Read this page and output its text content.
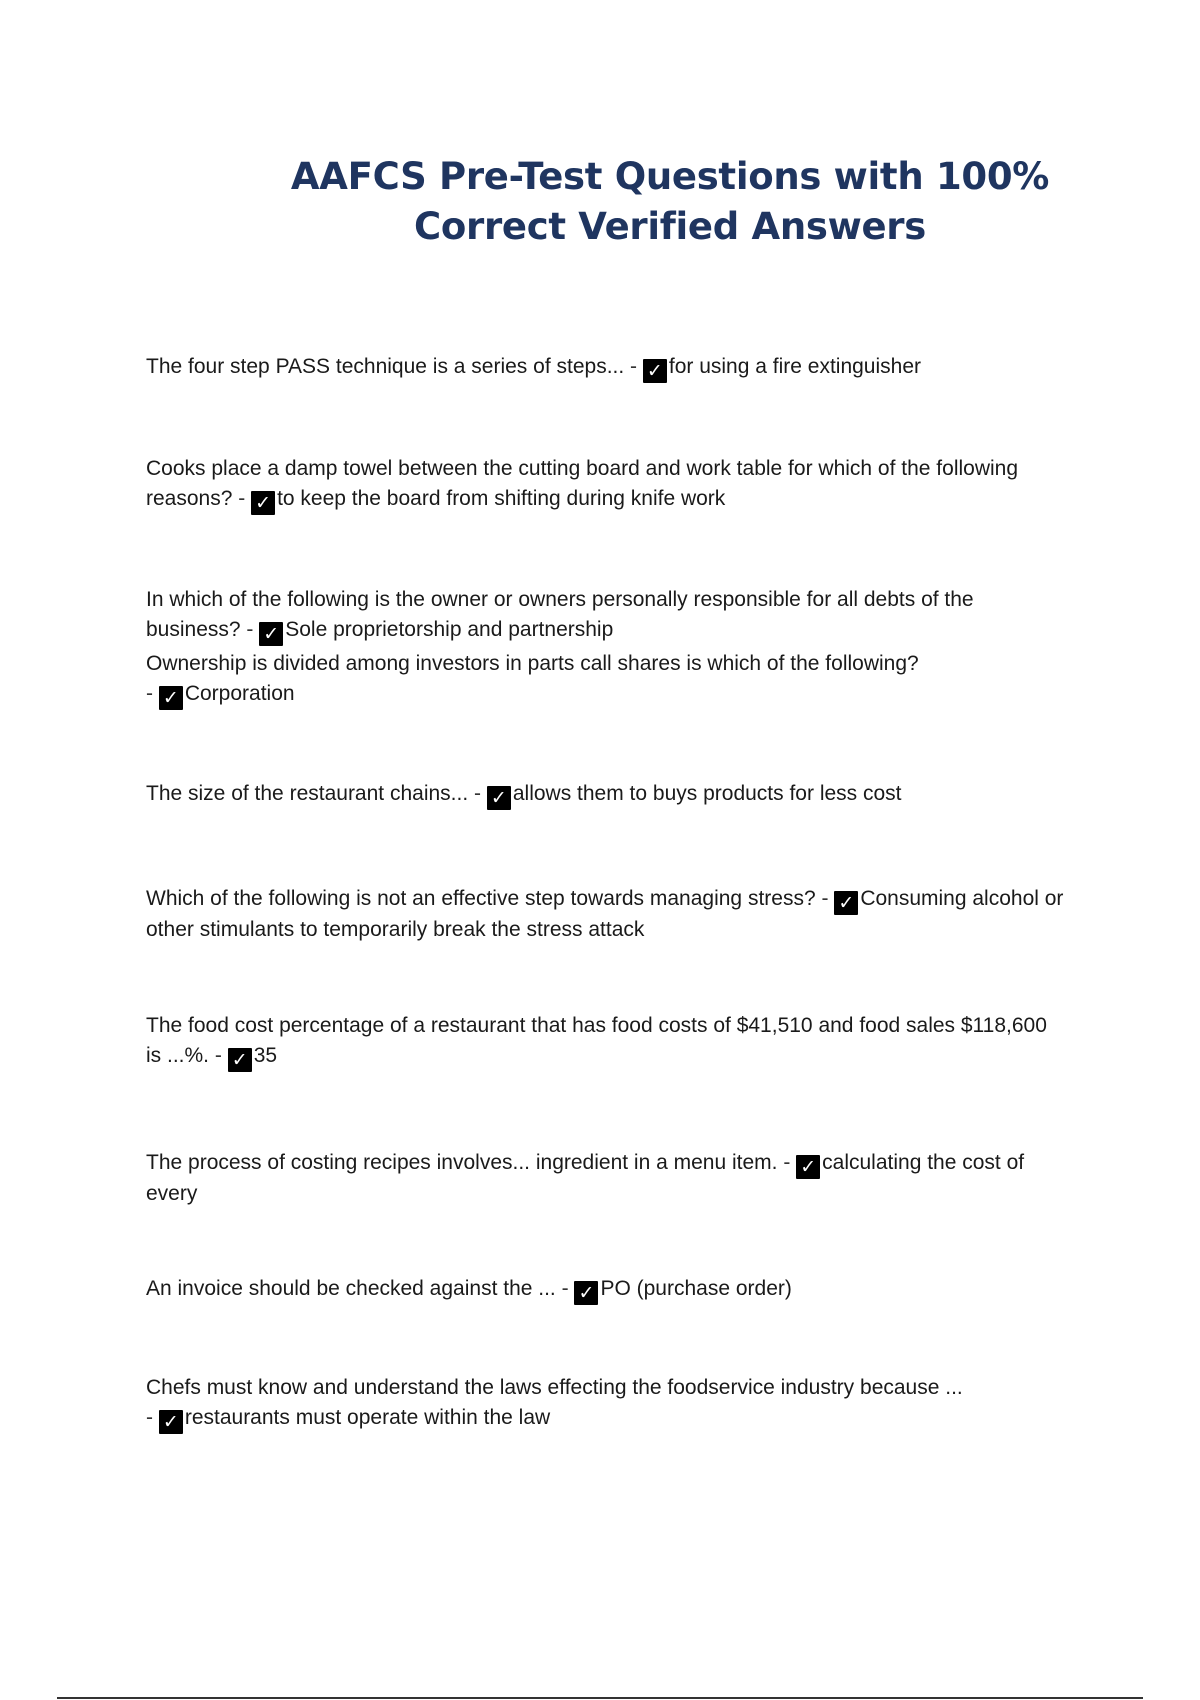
AAFCS Pre-Test Questions with 100%
Correct Verified Answers
The four step PASS technique is a series of steps... - ✓ for using a fire extinguisher
Cooks place a damp towel between the cutting board and work table for which of the following reasons? - ✓ to keep the board from shifting during knife work
In which of the following is the owner or owners personally responsible for all debts of the business? - ✓ Sole proprietorship and partnership
Ownership is divided among investors in parts call shares is which of the following?
- ✓ Corporation
The size of the restaurant chains... - ✓ allows them to buys products for less cost
Which of the following is not an effective step towards managing stress? - ✓ Consuming alcohol or other stimulants to temporarily break the stress attack
The food cost percentage of a restaurant that has food costs of $41,510 and food sales $118,600 is ...%. - ✓ 35
The process of costing recipes involves... ingredient in a menu item. - ✓ calculating the cost of every
An invoice should be checked against the ... - ✓ PO (purchase order)
Chefs must know and understand the laws effecting the foodservice industry because ...
- ✓ restaurants must operate within the law
